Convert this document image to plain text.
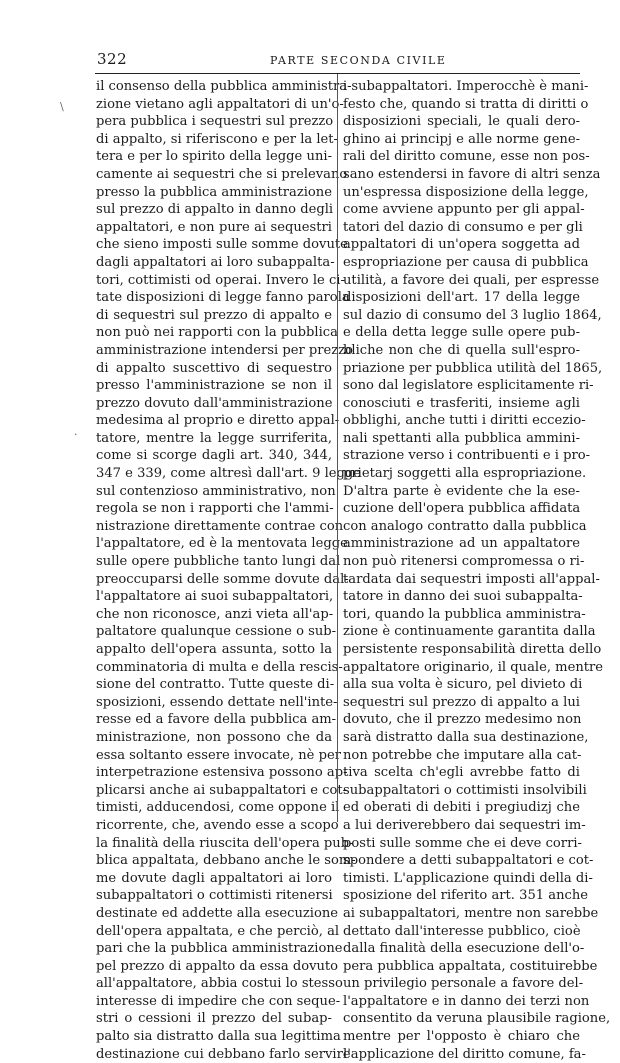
322	PARTE SECONDA CIVILE
\
.
il consenso della pubblica amministra-
zione vietano agli appaltatori di un'o-
pera pubblica i sequestri sul prezzo
di appalto, si riferiscono e per la let-
tera e per lo spirito della legge uni-
camente ai sequestri che si prelevano
presso la pubblica amministrazione
sul prezzo di appalto in danno degli
appaltatori, e non pure ai sequestri
che sieno imposti sulle somme dovute
dagli appaltatori ai loro subappalta-
tori, cottimisti od operai. Invero le ci-
tate disposizioni di legge fanno parola
di sequestri sul prezzo di appalto e
non può nei rapporti con la pubblica
amministrazione intendersi per prezzo
di appalto suscettivo di sequestro
presso l'amministrazione se non il
prezzo dovuto dall'amministrazione
medesima al proprio e diretto appal-
tatore, mentre la legge surriferita,
come si scorge dagli art. 340, 344,
347 e 339, come altresì dall'art. 9 legge
sul contenzioso amministrativo, non
regola se non i rapporti che l'ammi-
nistrazione direttamente contrae con
l'appaltatore, ed è la mentovata legge
sulle opere pubbliche tanto lungi dal
preoccuparsi delle somme dovute dal-
l'appaltatore ai suoi subappaltatori,
che non riconosce, anzi vieta all'ap-
paltatore qualunque cessione o sub-
appalto dell'opera assunta, sotto la
comminatoria di multa e della rescis-
sione del contratto. Tutte queste di-
sposizioni, essendo dettate nell'inte-
resse ed a favore della pubblica am-
ministrazione, non possono che da
essa soltanto essere invocate, nè per
interpetrazione estensiva possono ap-
plicarsi anche ai subappaltatori e cot-
timisti, adducendosi, come oppone il
ricorrente, che, avendo esse a scopo
la finalità della riuscita dell'opera pub-
blica appaltata, debbano anche le som-
me dovute dagli appaltatori ai loro
subappaltatori o cottimisti ritenersi
destinate ed addette alla esecuzione
dell'opera appaltata, e che perciò, al
pari che la pubblica amministrazione
pel prezzo di appalto da essa dovuto
all'appaltatore, abbia costui lo stesso
interesse di impedire che con seque-
stri o cessioni il prezzo del subap-
palto sia distratto dalla sua legittima
destinazione cui debbano farlo servire
i subappaltatori. Imperocchè è mani-
festo che, quando si tratta di diritti o
disposizioni speciali, le quali dero-
ghino ai principj e alle norme gene-
rali del diritto comune, esse non pos-
sano estendersi in favore di altri senza
un'espressa disposizione della legge,
come avviene appunto per gli appal-
tatori del dazio di consumo e per gli
appaltatori di un'opera soggetta ad
espropriazione per causa di pubblica
utilità, a favore dei quali, per espresse
disposizioni dell'art. 17 della legge
sul dazio di consumo del 3 luglio 1864,
e della detta legge sulle opere pub-
bliche non che di quella sull'espro-
priazione per pubblica utilità del 1865,
sono dal legislatore esplicitamente ri-
conosciuti e trasferiti, insieme agli
obblighi, anche tutti i diritti eccezio-
nali spettanti alla pubblica ammini-
strazione verso i contribuenti e i pro-
prietarj soggetti alla espropriazione.
D'altra parte è evidente che la ese-
cuzione dell'opera pubblica affidata
con analogo contratto dalla pubblica
amministrazione ad un appaltatore
non può ritenersi compromessa o ri-
tardata dai sequestri imposti all'appal-
tatore in danno dei suoi subappalta-
tori, quando la pubblica amministra-
zione è continuamente garantita dalla
persistente responsabilità diretta dello
appaltatore originario, il quale, mentre
alla sua volta è sicuro, pel divieto di
sequestri sul prezzo di appalto a lui
dovuto, che il prezzo medesimo non
sarà distratto dalla sua destinazione,
non potrebbe che imputare alla cat-
tiva scelta ch'egli avrebbe fatto di
subappaltatori o cottimisti insolvibili
ed oberati di debiti i pregiudizj che
a lui deriverebbero dai sequestri im-
posti sulle somme che ei deve corri-
spondere a detti subappaltatori e cot-
timisti. L'applicazione quindi della di-
sposizione del riferito art. 351 anche
ai subappaltatori, mentre non sarebbe
dettato dall'interesse pubblico, cioè
dalla finalità della esecuzione dell'o-
pera pubblica appaltata, costituirebbe
un privilegio personale a favore del-
l'appaltatore e in danno dei terzi non
consentito da veruna plausibile ragione,
mentre per l'opposto è chiaro che
l'applicazione del diritto comune, fa-
